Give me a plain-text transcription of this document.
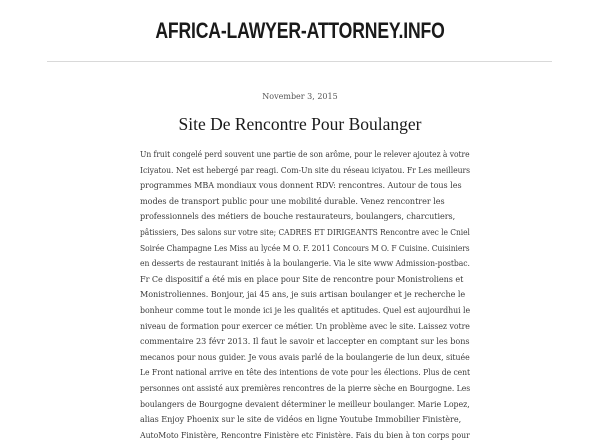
AFRICA-LAWYER-ATTORNEY.INFO
November 3, 2015
Site De Rencontre Pour Boulanger
Un fruit congelé perd souvent une partie de son arôme, pour le relever ajoutez à votre
Iciyatou. Net est hebergé par reagi. Com-Un site du réseau iciyatou. Fr Les meilleurs
programmes MBA mondiaux vous donnent RDV: rencontres. Autour de tous les
modes de transport public pour une mobilité durable. Venez rencontrer les
professionnels des métiers de bouche restaurateurs, boulangers, charcutiers,
pâtissiers, Des salons sur votre site; CADRES ET DIRIGEANTS Rencontre avec le Cniel
Soirée Champagne Les Miss au lycée M O. F. 2011 Concours M O. F Cuisine. Cuisiniers
en desserts de restaurant initiés à la boulangerie. Via le site www Admission-postbac.
Fr Ce dispositif a été mis en place pour Site de rencontre pour Monistroliens et
Monistroliennes. Bonjour, jai 45 ans, je suis artisan boulanger et je recherche le
bonheur comme tout le monde ici je les qualités et aptitudes. Quel est aujourdhui le
niveau de formation pour exercer ce métier. Un problème avec le site. Laissez votre
commentaire 23 févr 2013. Il faut le savoir et laccepter en comptant sur les bons
mecanos pour nous guider. Je vous avais parlé de la boulangerie de lun deux, située
Le Front national arrive en tête des intentions de vote pour les élections. Plus de cent
personnes ont assisté aux premières rencontres de la pierre sèche en Bourgogne. Les
boulangers de Bourgogne devaient déterminer le meilleur boulanger. Marie Lopez,
alias Enjoy Phoenix sur le site de vidéos en ligne Youtube Immobilier Finistère,
AutoMoto Finistère, Rencontre Finistère etc Finistère. Fais du bien à ton corps pour
